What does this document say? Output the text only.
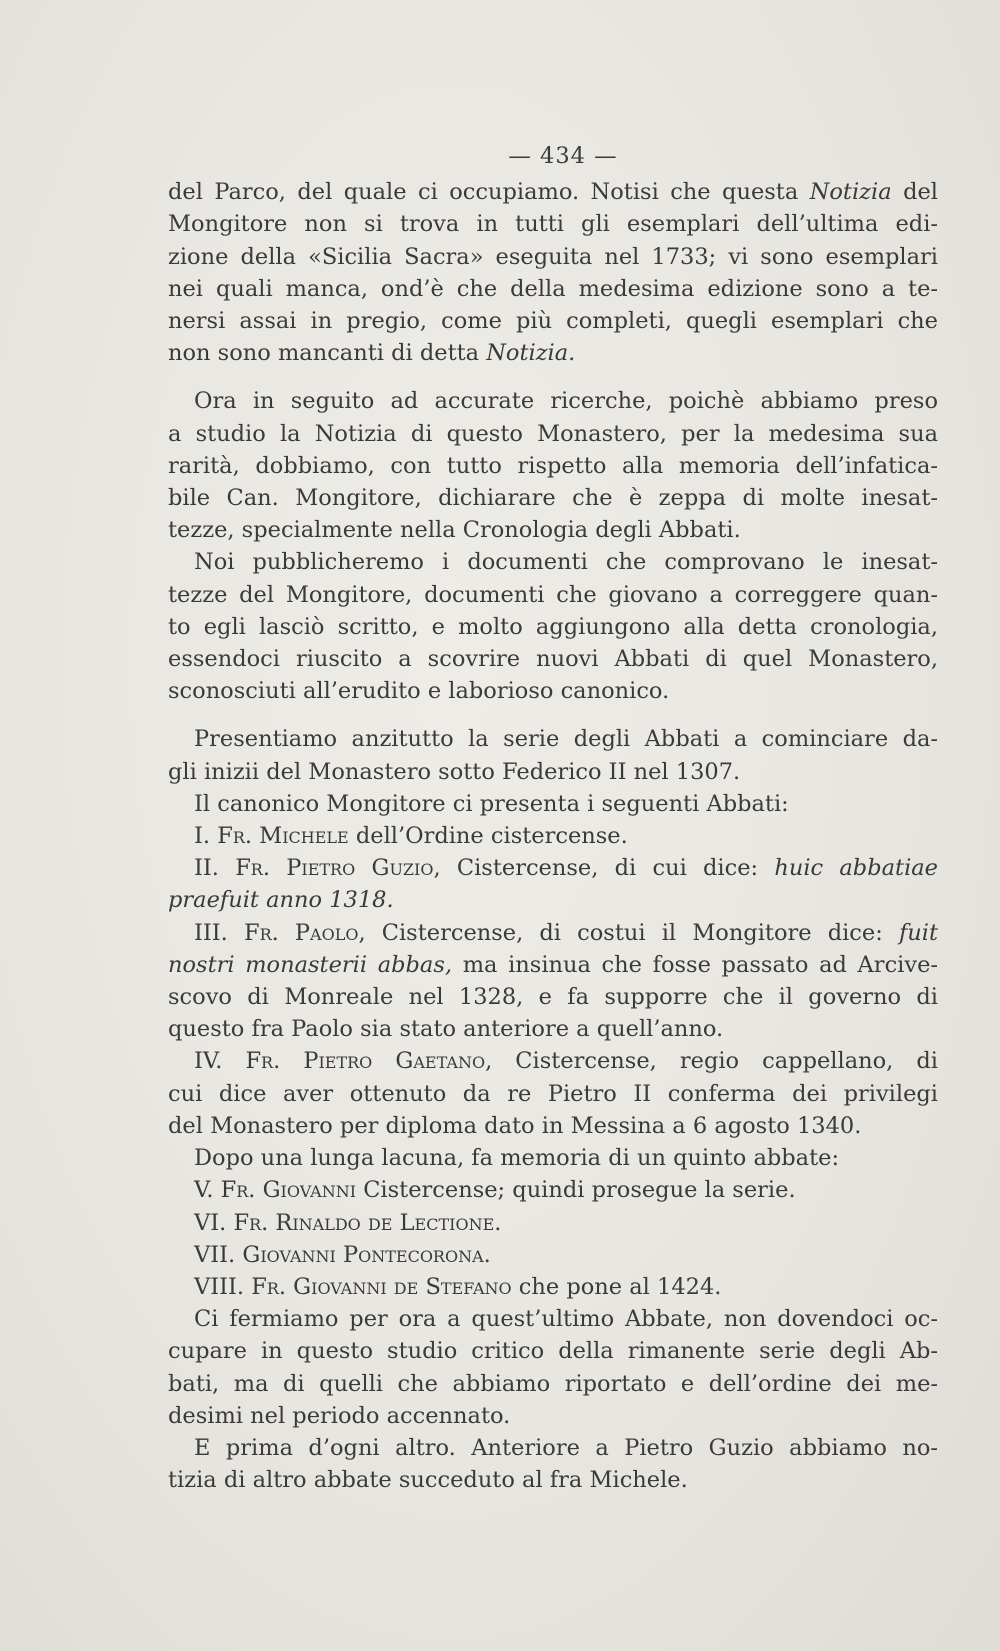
— 434 —
del Parco, del quale ci occupiamo. Notisi che questa Notizia del
Mongitore non si trova in tutti gli esemplari dell’ultima edi-
zione della «Sicilia Sacra» eseguita nel 1733; vi sono esemplari
nei quali manca, ond’è che della medesima edizione sono a te-
nersi assai in pregio, come più completi, quegli esemplari che
non sono mancanti di detta Notizia.
Ora in seguito ad accurate ricerche, poichè abbiamo preso
a studio la Notizia di questo Monastero, per la medesima sua
rarità, dobbiamo, con tutto rispetto alla memoria dell’infatica-
bile Can. Mongitore, dichiarare che è zeppa di molte inesat-
tezze, specialmente nella Cronologia degli Abbati.
Noi pubblicheremo i documenti che comprovano le inesat-
tezze del Mongitore, documenti che giovano a correggere quan-
to egli lasciò scritto, e molto aggiungono alla detta cronologia,
essendoci riuscito a scovrire nuovi Abbati di quel Monastero,
sconosciuti all’erudito e laborioso canonico.
Presentiamo anzitutto la serie degli Abbati a cominciare da-
gli inizii del Monastero sotto Federico II nel 1307.
Il canonico Mongitore ci presenta i seguenti Abbati:
I. Fr. Michele dell’Ordine cistercense.
II. Fr. Pietro Guzio, Cistercense, di cui dice: huic abbatiae
praefuit anno 1318.
III. Fr. Paolo, Cistercense, di costui il Mongitore dice: fuit
nostri monasterii abbas, ma insinua che fosse passato ad Arcive-
scovo di Monreale nel 1328, e fa supporre che il governo di
questo fra Paolo sia stato anteriore a quell’anno.
IV. Fr. Pietro Gaetano, Cistercense, regio cappellano, di
cui dice aver ottenuto da re Pietro II conferma dei privilegi
del Monastero per diploma dato in Messina a 6 agosto 1340.
Dopo una lunga lacuna, fa memoria di un quinto abbate:
V. Fr. Giovanni Cistercense; quindi prosegue la serie.
VI. Fr. Rinaldo de Lectione.
VII. Giovanni Pontecorona.
VIII. Fr. Giovanni de Stefano che pone al 1424.
Ci fermiamo per ora a quest’ultimo Abbate, non dovendoci oc-
cupare in questo studio critico della rimanente serie degli Ab-
bati, ma di quelli che abbiamo riportato e dell’ordine dei me-
desimi nel periodo accennato.
E prima d’ogni altro. Anteriore a Pietro Guzio abbiamo no-
tizia di altro abbate succeduto al fra Michele.
